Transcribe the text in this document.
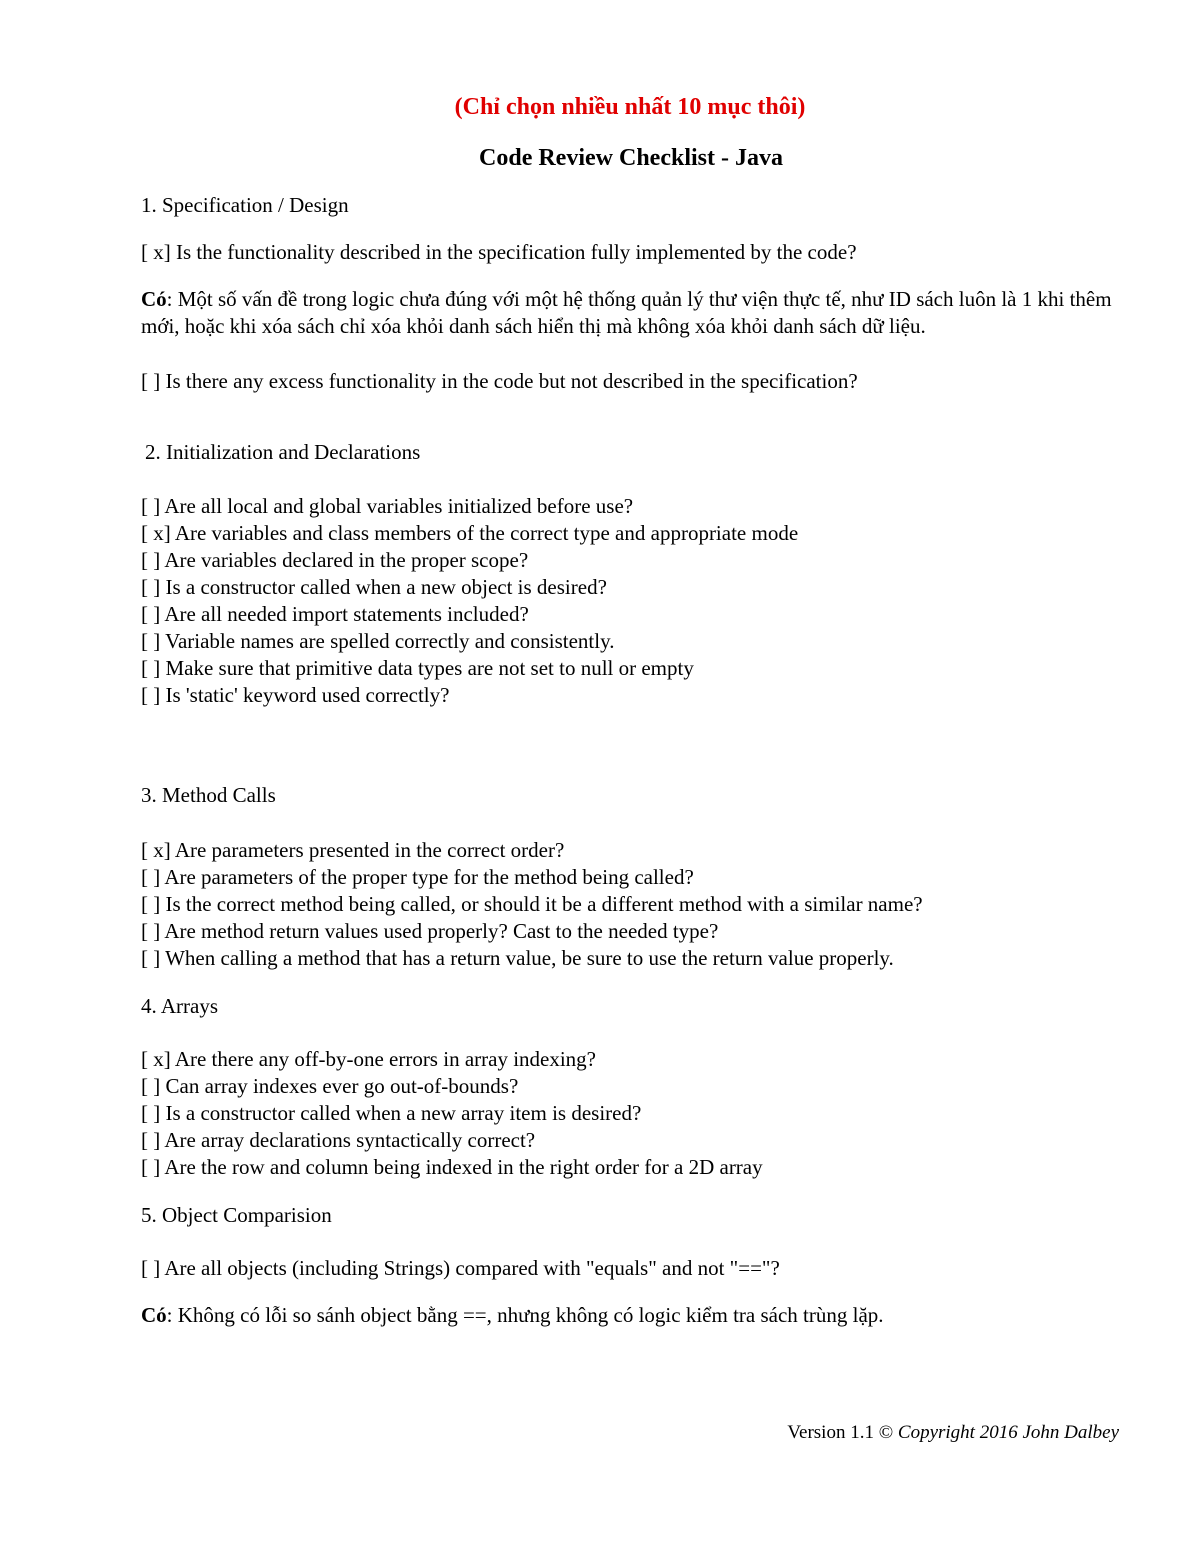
(Chỉ chọn nhiều nhất 10 mục thôi)
Code Review Checklist - Java

1. Specification / Design

[ x] Is the functionality described in the specification fully implemented by the code?

Có: Một số vấn đề trong logic chưa đúng với một hệ thống quản lý thư viện thực tế, như ID sách luôn là 1 khi thêm mới, hoặc khi xóa sách chỉ xóa khỏi danh sách hiển thị mà không xóa khỏi danh sách dữ liệu.

[ ] Is there any excess functionality in the code but not described in the specification?

2. Initialization and Declarations

[ ] Are all local and global variables initialized before use?

[ x] Are variables and class members of the correct type and appropriate mode

[ ] Are variables declared in the proper scope?

[ ] Is a constructor called when a new object is desired?

[ ] Are all needed import statements included?

[ ] Variable names are spelled correctly and consistently.

[ ] Make sure that primitive data types are not set to null or empty

[ ] Is 'static' keyword used correctly?

3. Method Calls

[ x] Are parameters presented in the correct order?

[ ] Are parameters of the proper type for the method being called?

[ ] Is the correct method being called, or should it be a different method with a similar name?

[ ] Are method return values used properly? Cast to the needed type?

[ ] When calling a method that has a return value, be sure to use the return value properly.

4. Arrays

[ x] Are there any off-by-one errors in array indexing?

[ ] Can array indexes ever go out-of-bounds?

[ ] Is a constructor called when a new array item is desired?

[ ] Are array declarations syntactically correct?

[ ] Are the row and column being indexed in the right order for a 2D array

5. Object Comparision

[ ] Are all objects (including Strings) compared with "equals" and not "=="?

Có: Không có lỗi so sánh object bằng ==, nhưng không có logic kiểm tra sách trùng lặp.

Version 1.1 © Copyright 2016 John Dalbey
